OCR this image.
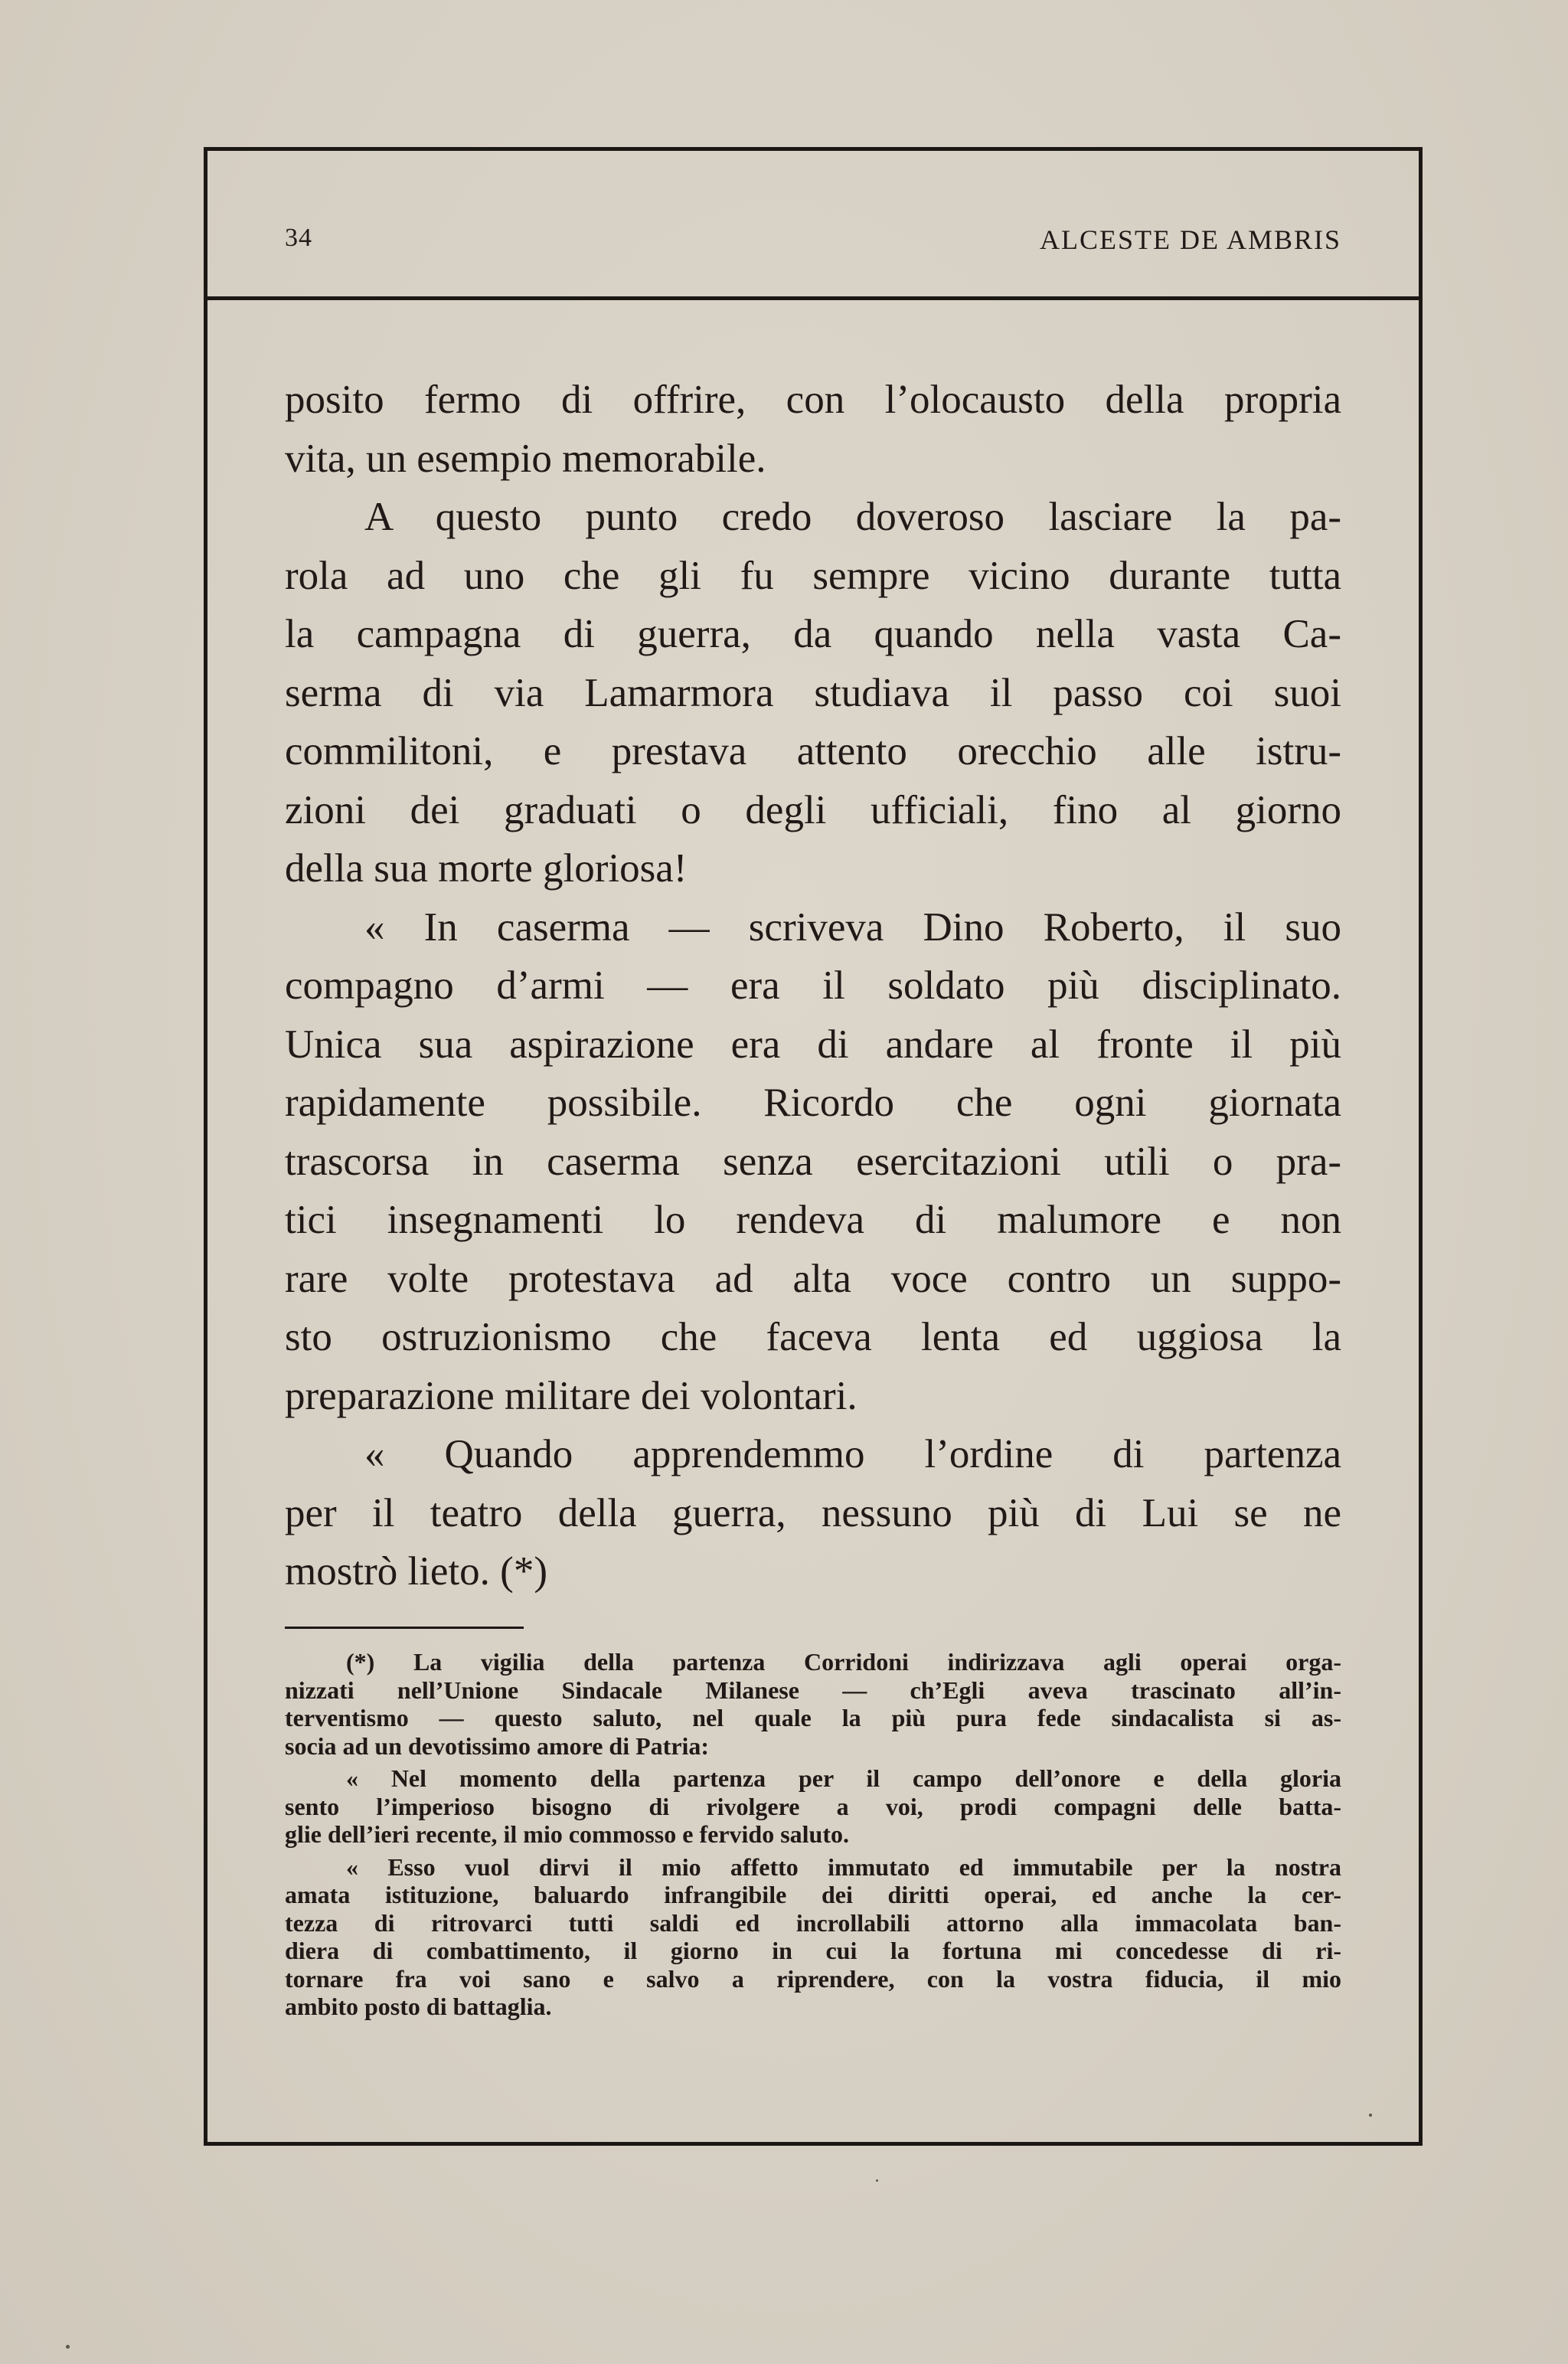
34	ALCESTE DE AMBRIS
posito fermo di offrire, con l’olocausto della propria
vita, un esempio memorabile.
A questo punto credo doveroso lasciare la pa-
rola ad uno che gli fu sempre vicino durante tutta
la campagna di guerra, da quando nella vasta Ca-
serma di via Lamarmora studiava il passo coi suoi
commilitoni, e prestava attento orecchio alle istru-
zioni dei graduati o degli ufficiali, fino al giorno
della sua morte gloriosa!
« In caserma — scriveva Dino Roberto, il suo
compagno d’armi — era il soldato più disciplinato.
Unica sua aspirazione era di andare al fronte il più
rapidamente possibile. Ricordo che ogni giornata
trascorsa in caserma senza esercitazioni utili o pra-
tici insegnamenti lo rendeva di malumore e non
rare volte protestava ad alta voce contro un suppo-
sto ostruzionismo che faceva lenta ed uggiosa la
preparazione militare dei volontari.
« Quando apprendemmo l’ordine di partenza
per il teatro della guerra, nessuno più di Lui se ne
mostrò lieto. (*)
(*) La vigilia della partenza Corridoni indirizzava agli operai orga-
nizzati nell’Unione Sindacale Milanese — ch’Egli aveva trascinato all’in-
terventismo — questo saluto, nel quale la più pura fede sindacalista si as-
socia ad un devotissimo amore di Patria:
« Nel momento della partenza per il campo dell’onore e della gloria
sento l’imperioso bisogno di rivolgere a voi, prodi compagni delle batta-
glie dell’ieri recente, il mio commosso e fervido saluto.
« Esso vuol dirvi il mio affetto immutato ed immutabile per la nostra
amata istituzione, baluardo infrangibile dei diritti operai, ed anche la cer-
tezza di ritrovarci tutti saldi ed incrollabili attorno alla immacolata ban-
diera di combattimento, il giorno in cui la fortuna mi concedesse di ri-
tornare fra voi sano e salvo a riprendere, con la vostra fiducia, il mio
ambito posto di battaglia.
